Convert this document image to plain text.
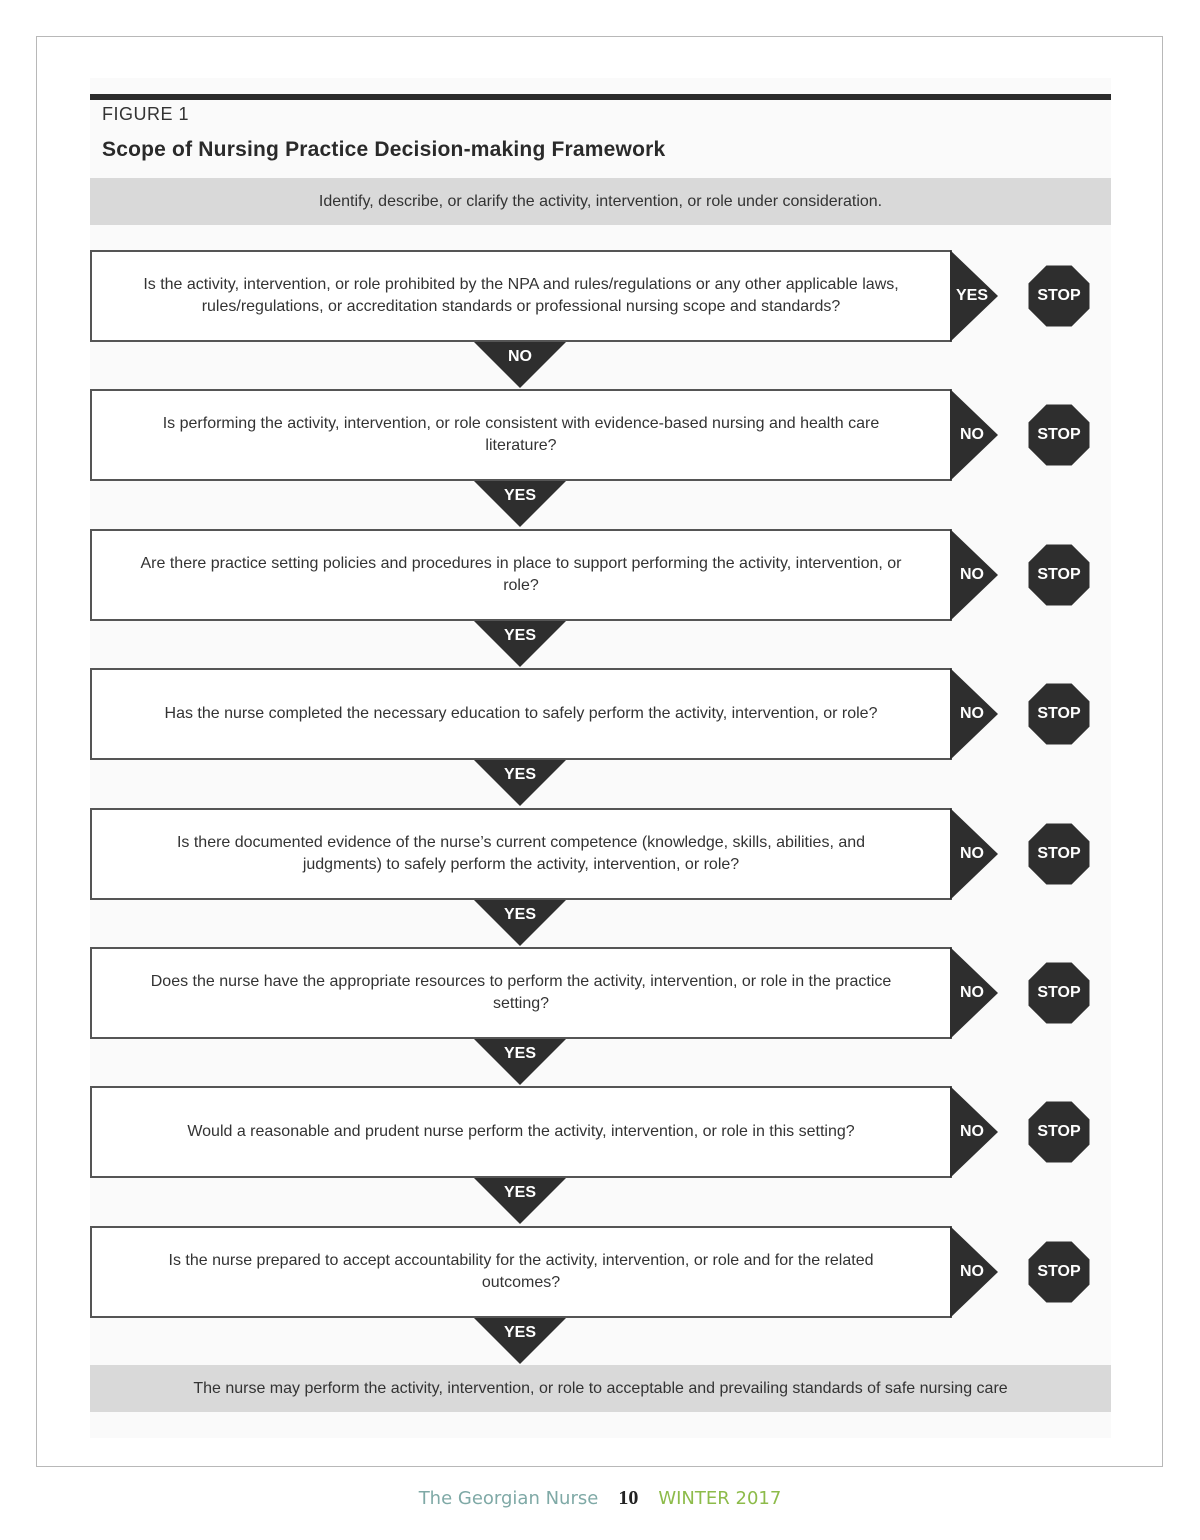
FIGURE 1
Scope of Nursing Practice Decision-making Framework
Identify, describe, or clarify the activity, intervention, or role under consideration.
Is the activity, intervention, or role prohibited by the NPA and rules/regulations or any other applicable laws, rules/regulations, or accreditation standards or professional nursing scope and standards?
YES	STOP
NO
Is performing the activity, intervention, or role consistent with evidence-based nursing and health care literature?
NO	STOP
YES
Are there practice setting policies and procedures in place to support performing the activity, intervention, or role?
NO	STOP
YES
Has the nurse completed the necessary education to safely perform the activity, intervention, or role?	NO	STOP
YES
Is there documented evidence of the nurse’s current competence (knowledge, skills, abilities, and judgments) to safely perform the activity, intervention, or role?
NO	STOP
YES
Does the nurse have the appropriate resources to perform the activity, intervention, or role in the practice setting?
NO	STOP
YES
Would a reasonable and prudent nurse perform the activity, intervention, or role in this setting?	NO	STOP
YES
Is the nurse prepared to accept accountability for the activity, intervention, or role and for the related outcomes?
NO	STOP
YES
The nurse may perform the activity, intervention, or role to acceptable and prevailing standards of safe nursing care
The Georgian Nurse 10 WINTER 2017
